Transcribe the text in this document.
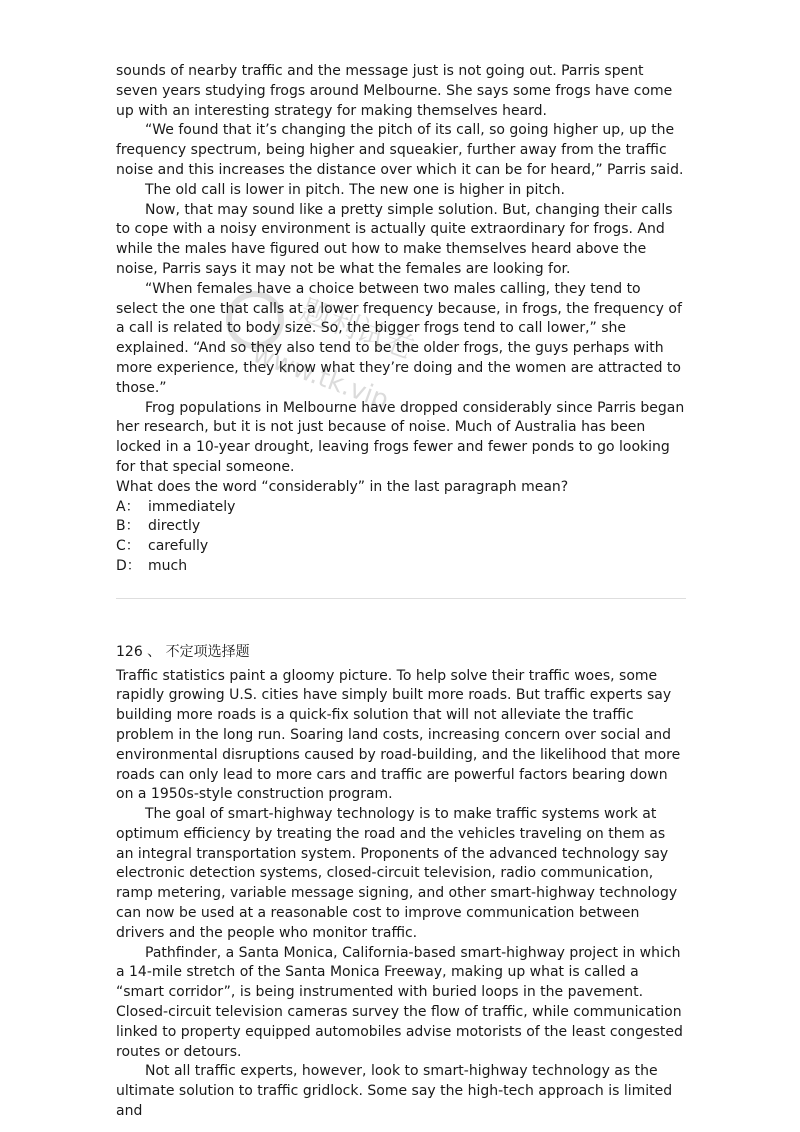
题利试卷
www.tk.vip

sounds of nearby traffic and the message just is not going out. Parris spent seven years studying frogs around Melbourne. She says some frogs have come up with an interesting strategy for making themselves heard.

“We found that it’s changing the pitch of its call, so going higher up, up the frequency spectrum, being higher and squeakier, further away from the traffic noise and this increases the distance over which it can be for heard,” Parris said.

The old call is lower in pitch. The new one is higher in pitch.

Now, that may sound like a pretty simple solution. But, changing their calls to cope with a noisy environment is actually quite extraordinary for frogs. And while the males have figured out how to make themselves heard above the noise, Parris says it may not be what the females are looking for.

“When females have a choice between two males calling, they tend to select the one that calls at a lower frequency because, in frogs, the frequency of a call is related to body size. So, the bigger frogs tend to call lower,” she explained. “And so they also tend to be the older frogs, the guys perhaps with more experience, they know what they’re doing and the women are attracted to those.”

Frog populations in Melbourne have dropped considerably since Parris began her research, but it is not just because of noise. Much of Australia has been locked in a 10-year drought, leaving frogs fewer and fewer ponds to go looking for that special someone.

What does the word “considerably” in the last paragraph mean?

A： immediately

B： directly

C： carefully

D： much

126 、 不定项选择题

Traffic statistics paint a gloomy picture. To help solve their traffic woes, some rapidly growing U.S. cities have simply built more roads. But traffic experts say building more roads is a quick-fix solution that will not alleviate the traffic problem in the long run. Soaring land costs, increasing concern over social and environmental disruptions caused by road-building, and the likelihood that more roads can only lead to more cars and traffic are powerful factors bearing down on a 1950s-style construction program.

The goal of smart-highway technology is to make traffic systems work at optimum efficiency by treating the road and the vehicles traveling on them as an integral transportation system. Proponents of the advanced technology say electronic detection systems, closed-circuit television, radio communication, ramp metering, variable message signing, and other smart-highway technology can now be used at a reasonable cost to improve communication between drivers and the people who monitor traffic.

Pathfinder, a Santa Monica, California-based smart-highway project in which a 14-mile stretch of the Santa Monica Freeway, making up what is called a “smart corridor”, is being instrumented with buried loops in the pavement. Closed-circuit television cameras survey the flow of traffic, while communication linked to property equipped automobiles advise motorists of the least congested routes or detours.

Not all traffic experts, however, look to smart-highway technology as the ultimate solution to traffic gridlock. Some say the high-tech approach is limited and
